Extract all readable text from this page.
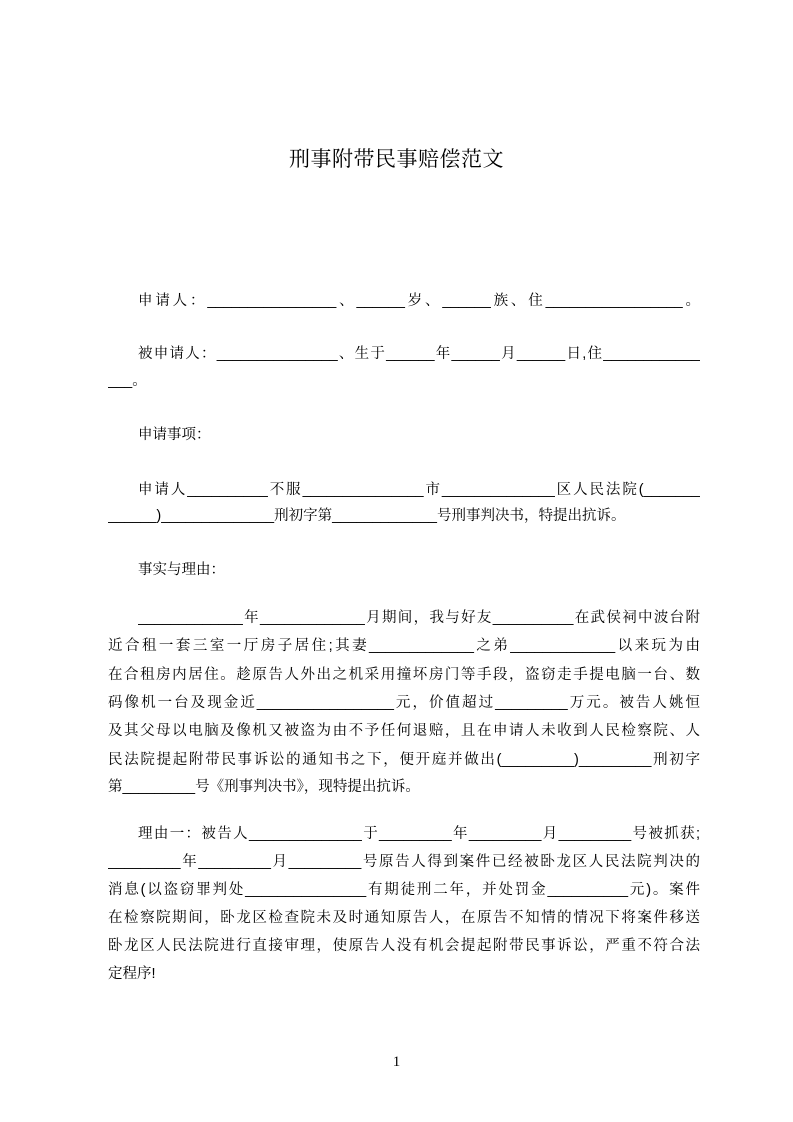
刑事附带民事赔偿范文
申请人：________________、______岁、______族、住_________________。
被申请人：_______________、生于______年______月______日,住____________
___。
申请事项：
申请人__________不服_______________市______________区人民法院(_______
______)______________刑初字第_____________号刑事判决书，特提出抗诉。
事实与理由：
_____________年_____________月期间，我与好友__________在武侯祠中波台附
近合租一套三室一厅房子居住;其妻_____________之弟_____________以来玩为由
在合租房内居住。趁原告人外出之机采用撞坏房门等手段，盗窃走手提电脑一台、数
码像机一台及现金近_________________元，价值超过_________万元。被告人姚恒
及其父母以电脑及像机又被盗为由不予任何退赔，且在申请人未收到人民检察院、人
民法院提起附带民事诉讼的通知书之下，便开庭并做出(_________)_________刑初字
第_________号《刑事判决书》，现特提出抗诉。
理由一：被告人______________于_________年_________月_________号被抓获;
_________年_________月_________号原告人得到案件已经被卧龙区人民法院判决的
消息(以盗窃罪判处_______________有期徒刑二年，并处罚金__________元)。案件
在检察院期间，卧龙区检查院未及时通知原告人，在原告不知情的情况下将案件移送
卧龙区人民法院进行直接审理，使原告人没有机会提起附带民事诉讼，严重不符合法
定程序!
1
